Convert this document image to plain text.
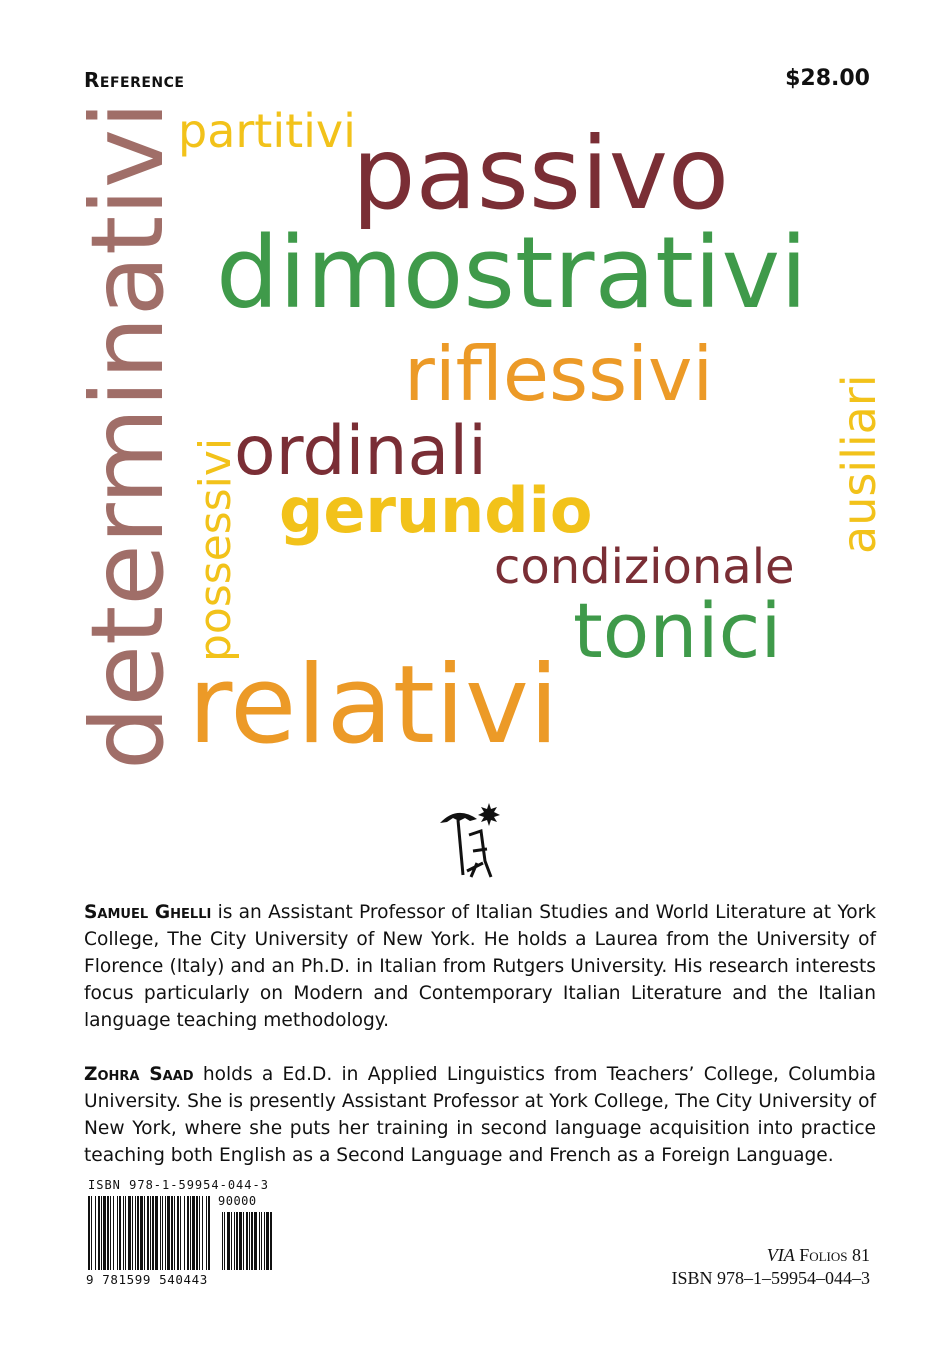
Reference	$28.00
partitivi
passivo
dimostrativi
riflessivi
ausiliari
ordinali
gerundio
condizionale
tonici
possessivi
relativi
determinativi
Samuel Ghelli is an Assistant Professor of Italian Studies and World Literature at York College, The City University of New York. He holds a Laurea from the University of Florence (Italy) and an Ph.D. in Italian from Rutgers University. His research interests focus particularly on Modern and Contemporary Italian Literature and the Italian language teaching methodology.
Zohra Saad holds a Ed.D. in Applied Linguistics from Teachers’ College, Columbia University. She is presently Assistant Professor at York College, The City University of New York, where she puts her training in second language acquisition into practice teaching both English as a Second Language and French as a Foreign Language.
ISBN 978-1-59954-044-3
90000
9 781599 540443
VIA Folios 81
ISBN 978–1–59954–044–3
